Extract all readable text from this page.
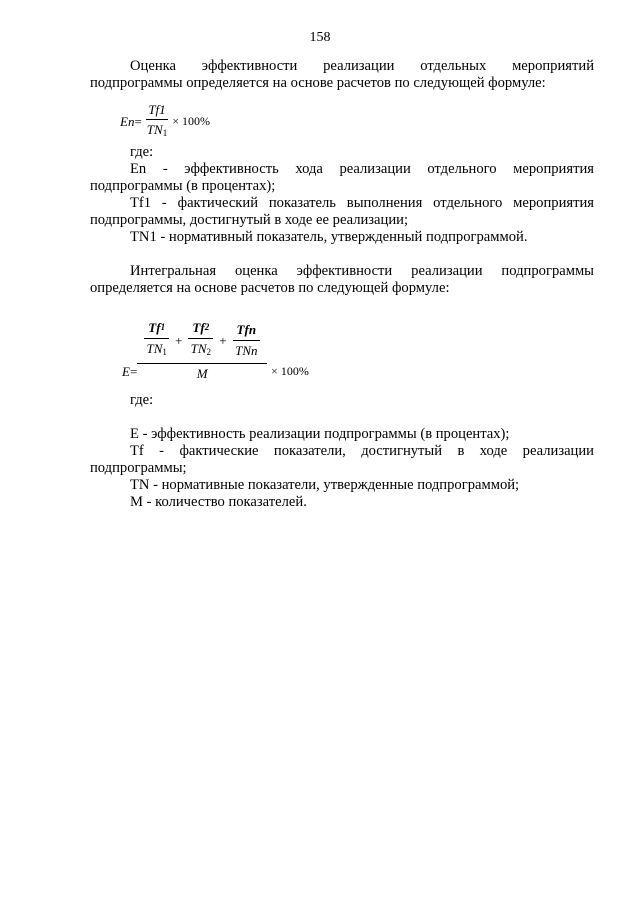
158

Оценка эффективности реализации отдельных мероприятий подпрограммы определяется на основе расчетов по следующей формуле:

$En = \frac{Tf1}{TN_1} \times 100\%$

где:

En - эффективность хода реализации отдельного мероприятия подпрограммы (в процентах);

Tf1 - фактический показатель выполнения отдельного мероприятия подпрограммы, достигнутый в ходе ее реализации;

TN1 - нормативный показатель, утвержденный подпрограммой.

Интегральная оценка эффективности реализации подпрограммы определяется на основе расчетов по следующей формуле:

E =
$\frac{Tf 1}{TN_1} + \frac{Tf 2}{TN_2} + \frac{\text{Tfn}}{\text{TNn}}$
M	× 100%

где:

E - эффективность реализации подпрограммы (в процентах);

Tf - фактические показатели, достигнутый в ходе реализации подпрограммы;

TN - нормативные показатели, утвержденные подпрограммой;

M - количество показателей.
